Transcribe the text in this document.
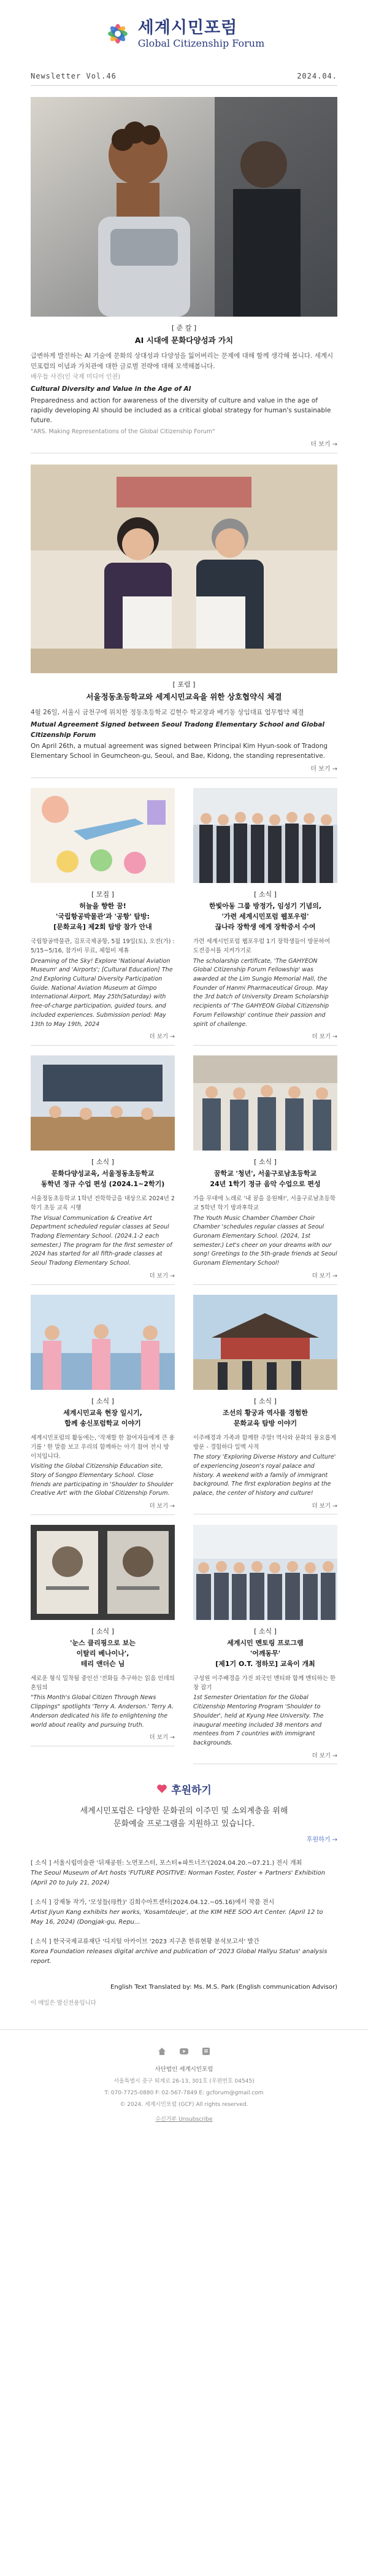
세계시민포럼
Global Citizenship Forum
Newsletter Vol.46	2024.04.
[ 준 칼 ]
AI 시대에 문화다양성과 가치
급변하게 발전하는 AI 기술에 문화의 상대성과 다양성을 잃어버리는 문제에 대해 함께 생각해 봅니다. 세계시민포럼의 이념과 가치관에 대한 글로벌 전략에 대해 모색해봅니다.
배우들 사진(인 국제 미디어 인권)
Cultural Diversity and Value in the Age of AI
Preparedness and action for awareness of the diversity of culture and value in the age of rapidly developing AI should be included as a critical global strategy for human's sustainable future.
"ARS. Making Representations of the Global Citizenship Forum"
더 보기 →
[ 포럼 ]
서울정동초등학교와 세계시민교육을 위한 상호협약식 체결
4월 26일, 서울시 금천구에 위치한 정동초등학교 김현수 학교장과 배기동 상임대표 업무협약 체결
Mutual Agreement Signed between Seoul Tradong Elementary School and Global Citizenship Forum
On April 26th, a mutual agreement was signed between Principal Kim Hyun-sook of Tradong Elementary School in Geumcheon-gu, Seoul, and Bae, Kidong, the standing representative.
더 보기 →
[ 모집 ]
허늘을 향한 꿈!
'국립항공박물관'과 '공항' 탐방:
[문화교육] 제2회 탐방 참가 안내
국립항공박물관, 김포국제공항, 5월 19일(토), 오전(가) : 5/15~5/16, 참가비 무료, 체험비 제휴
Dreaming of the Sky! Explore 'National Aviation Museum' and 'Airports'; [Cultural Education] The 2nd Exploring Cultural Diversity Participation Guide. National Aviation Museum at Gimpo International Airport, May 25th(Saturday) with free-of-charge participation, guided tours, and included experiences. Submission period: May 13th to May 19th, 2024
더 보기 →
[ 소식 ]
한빛아동 그룹 방정가, 임성기 기념의,
'가련 세계시민포럼 웹포우럼'
끊나라 장학생 에게 장학증서 수여
가련 세계시민포럼 웹포우럼 1기 장학생들이 방문하여 도전증서를 지켜가기로
The scholarship certificate, 'The GAHYEON Global Citizenship Forum Fellowship' was awarded at the Lim Sungjo Memorial Hall, the Founder of Hanmi Pharmaceutical Group. May the 3rd batch of University Dream Scholarship recipients of 'The GAHYEON Global Citizenship Forum Fellowship' continue their passion and spirit of challenge.
더 보기 →
[ 소식 ]
문화다양성교육, 서울정동초등학교
동학년 정규 수업 편성 (2024.1~2학기)
서울정동초등학교 1학년 전학학급을 대상으로 2024년 2학기 초등 교육 시행
The Visual Communication & Creative Art Department scheduled regular classes at Seoul Tradong Elementary School. (2024.1-2 each semester.) The program for the first semester of 2024 has started for all fifth-grade classes at Seoul Tradong Elementary School.
더 보기 →
[ 소식 ]
꿈학교 '청년', 서울구로남초등학교
24년 1학기 정규 음악 수업으로 편성
가을 무대에 노래로 '내 꿈을 응원해!', 서울구로남초등학교 5학년 학기 방과후학교
The Youth Music Chamber Chamber Choir Chamber 'schedules regular classes at Seoul Guronam Elementary School. (2024, 1st semester.) Let's cheer on your dreams with our song! Greetings to the 5th-grade friends at Seoul Guronam Elementary School!
더 보기 →
[ 소식 ]
세계시민교육 현장 일시기,
합께 송신포럼학교 이야기
세계시민포럼의 활동에는, '작재할 한 참여자들에게 큰 용기를 ' 한 말씀 보고 우리의 함께하는 아기 참여 전시 방 이치입니다.
Visiting the Global Citizenship Education site, Story of Songpo Elementary School. Close friends are participating in 'Shoulder to Shoulder Creative Art' with the Global Citizenship Forum.
더 보기 →
[ 소식 ]
조선의 황궁과 역사를 경험한
문화교육 탐방 이야기
이주배경과 가족과 함께한 주말! 역사와 문화의 풍요롭게 방문 - 경험하다 일맥 사적
The story 'Exploring Diverse History and Culture' of experiencing Joseon's royal palace and history. A weekend with a family of immigrant background. The first exploration begins at the palace, the center of history and culture!
더 보기 →
[ 소식 ]
'눈스 클리핑으로 보는
이탈리 베나이나',
테리 앤더슨 님
세로운 형식 밀착될 중인선 '전화들 추구하는 읽음 인데의 혼임의
"This Month's Global Citizen Through News Clippings" spotlights 'Terry A. Anderson.' Terry A. Anderson dedicated his life to enlightening the world about reality and pursuing truth.
더 보기 →
[ 소식 ]
세계시민 멘토링 프로그램
'어깨동무'
[제1기 O.T. 정하모] 교육이 개최
구성원 이주배경을 가진 외국인 멘티와 함께 멘티하는 한창 잡기
1st Semester Orientation for the Global Citizenship Mentoring Program 'Shoulder to Shoulder', held at Kyung Hee University. The inaugural meeting included 38 mentors and mentees from 7 countries with immigrant backgrounds.
더 보기 →
후원하기
세계시민포럼은 다양한 문화권의 이주민 및 소외계층을 위해
문화예술 프로그램을 지원하고 있습니다.
후원하기 →
[ 소식 ] 서울시립미술관 '뒤재공원: 노먼포스터, 포스터+파트너즈'(2024.04.20.~07.21.) 전시 개최
The Seoul Museum of Art hosts 'FUTURE POSITIVE: Norman Foster, Foster + Partners' Exhibition (April 20 to July 21, 2024)
[ 소식 ] 강제동 작가, '모성들(母性)' 김희수아트센터(2024.04.12.~05.16)에서 작품 전시
Artist Jiyun Kang exhibits her works, 'Kosamtdeuje', at the KIM HEE SOO Art Center. (April 12 to May 16, 2024) (Dongjak-gu, Repu...
[ 소식 ] 한국국제교류재단 '디지털 아카이브 '2023 지구촌 한류현황 분석보고서' 발간
Korea Foundation releases digital archive and publication of '2023 Global Hallyu Status' analysis report.
English Text Translated by: Ms. M.S. Park (English communication Advisor)
이 메일은 발신전용입니다
사단법인 세계시민포럼
서울특별시 중구 퇴계로 26-13, 301호 (우편번호 04545)
T: 070-7725-0880 F: 02-567-7849 E: gcforum@gmail.com
© 2024. 세계시민포럼 (GCF) All rights reserved.
수신거부 Unsubscribe
